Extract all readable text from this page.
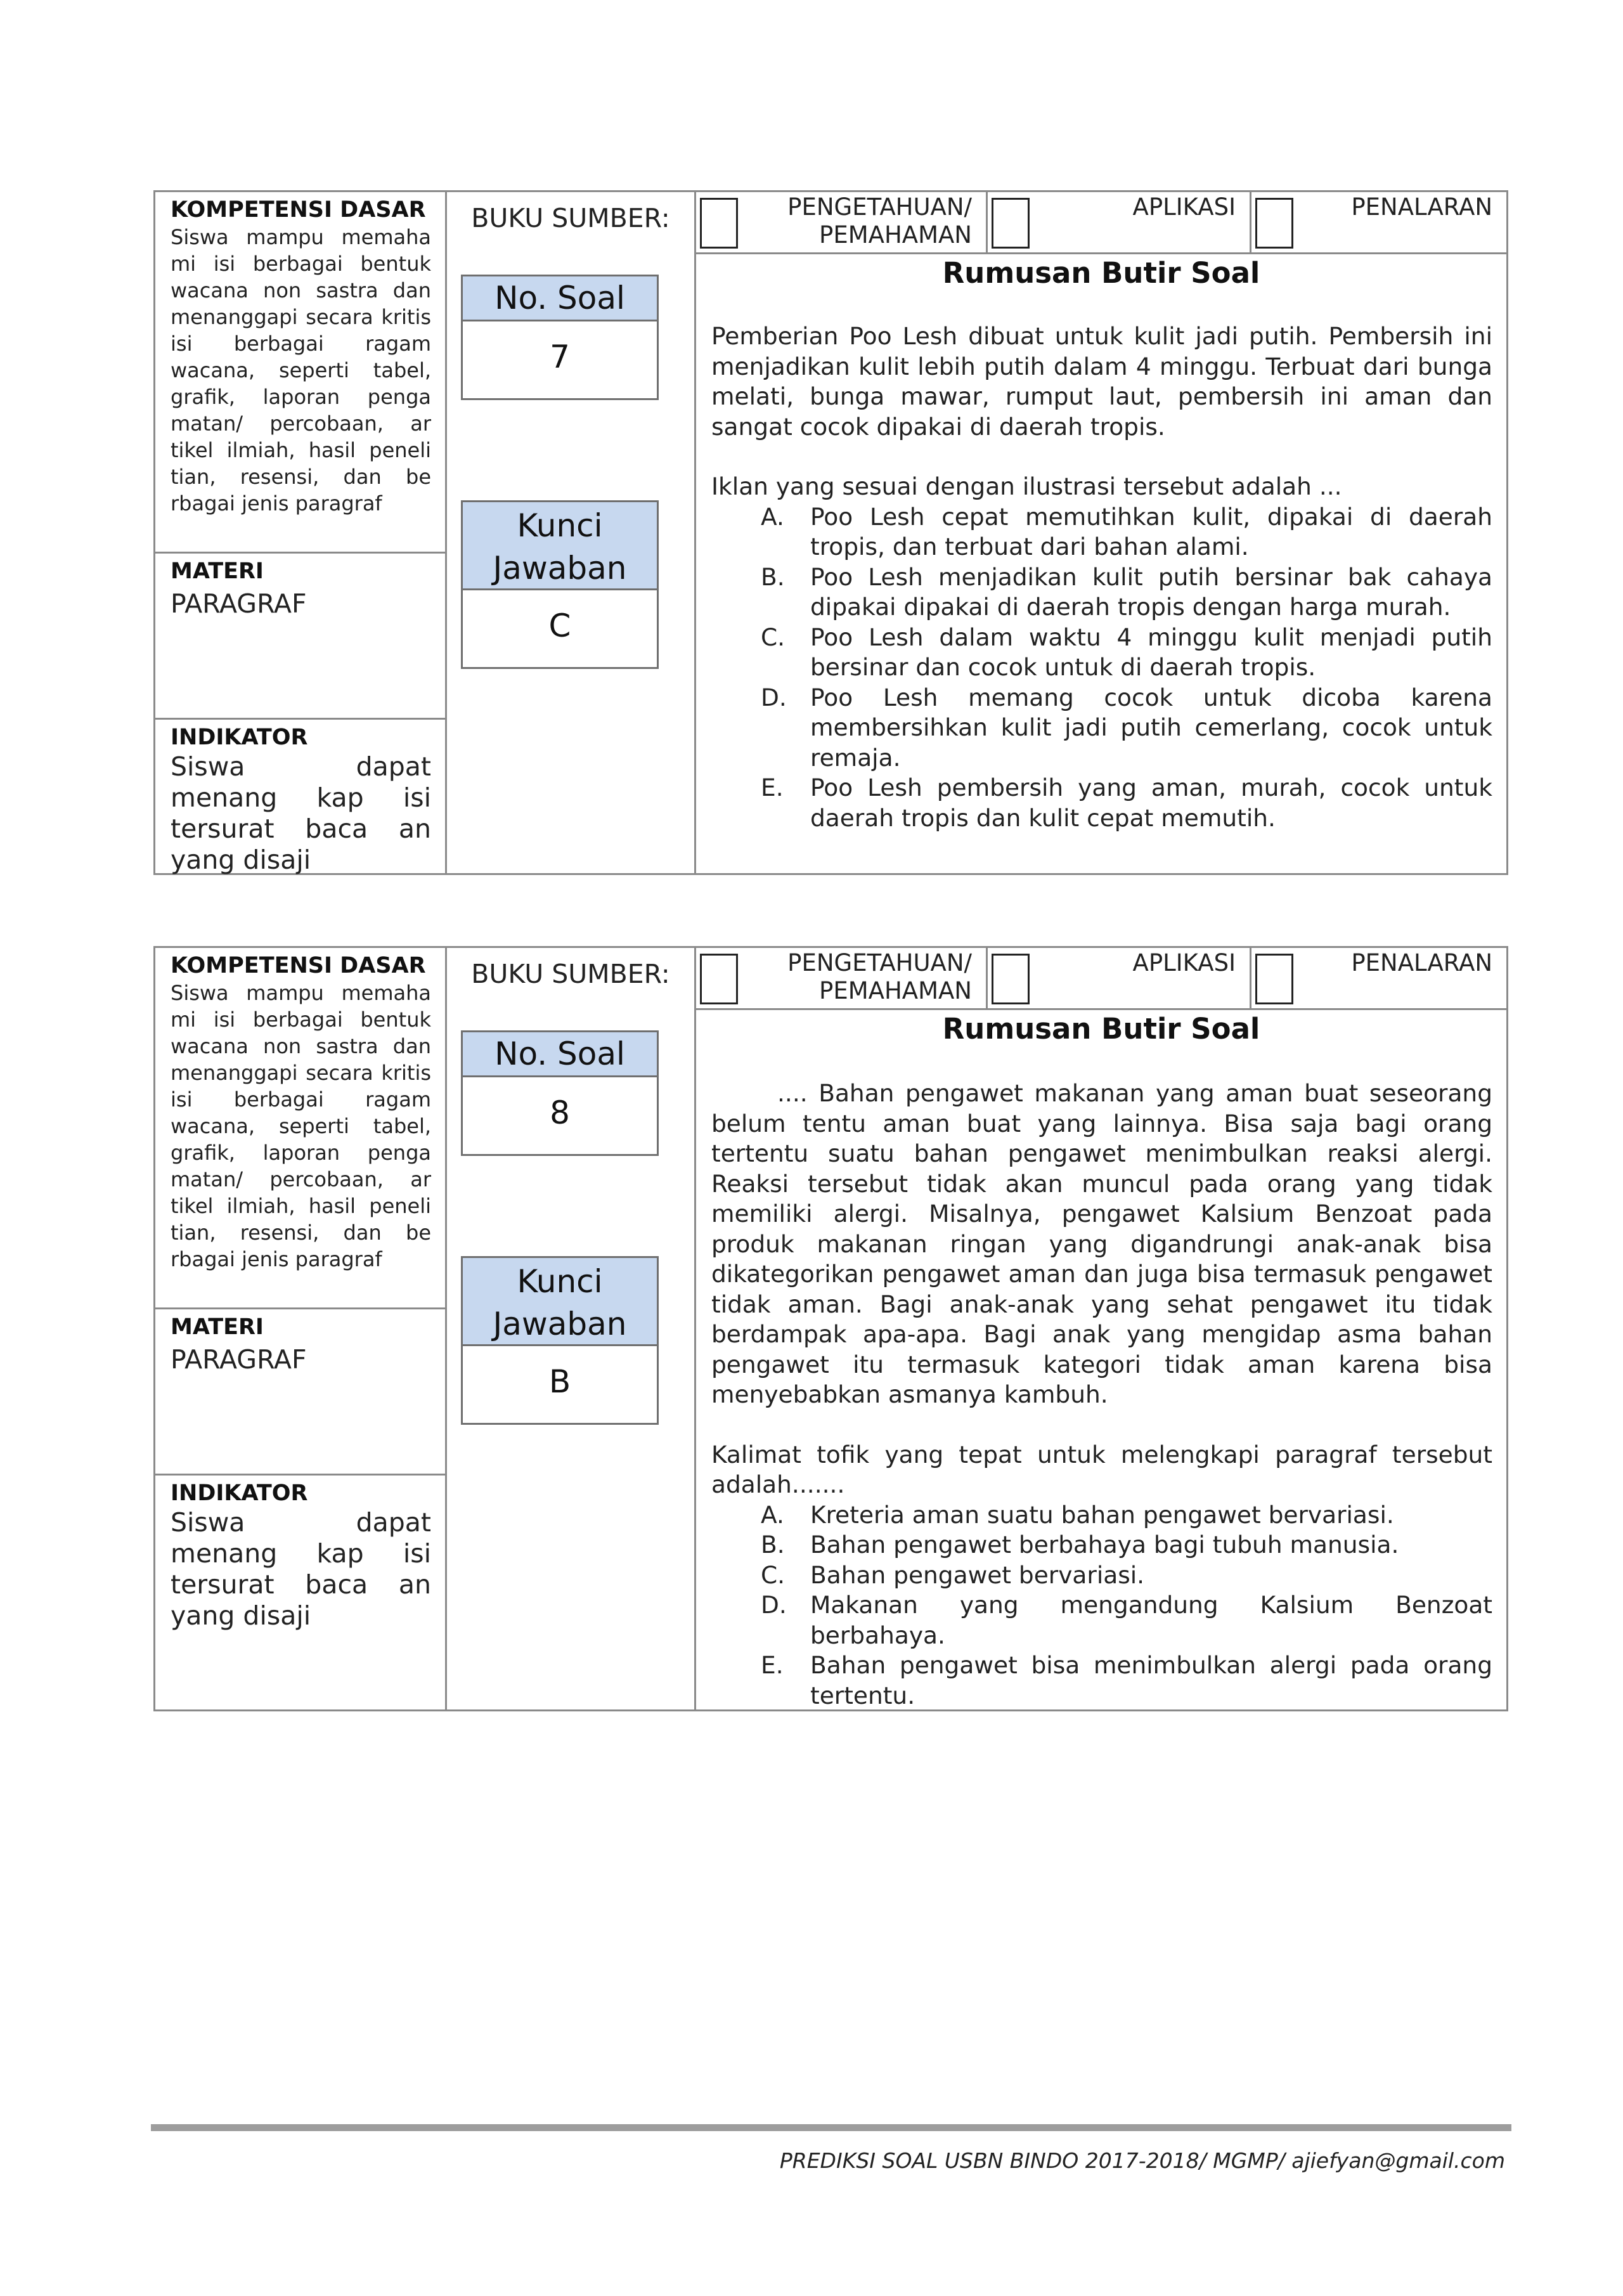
KOMPETENSI DASAR

Siswa mampu memaha mi isi berbagai bentuk wacana non sastra dan menanggapi secara kritis isi berbagai ragam wacana, seperti tabel, grafik, laporan penga matan/ percobaan, ar tikel ilmiah, hasil peneli tian, resensi, dan be rbagai jenis paragraf

MATERI
PARAGRAF
INDIKATOR

Siswa dapat menang kap isi tersurat baca an yang disaji

BUKU SUMBER:
No. Soal
7
Kunci
Jawaban
C
PENGETAHUAN/
PEMAHAMAN
APLIKASI	PENALARAN
Rumusan Butir Soal

Pemberian Poo Lesh dibuat untuk kulit jadi putih. Pembersih ini menjadikan kulit lebih putih dalam 4 minggu. Terbuat dari bunga melati, bunga mawar, rumput laut, pembersih ini aman dan sangat cocok dipakai di daerah tropis.

Iklan yang sesuai dengan ilustrasi tersebut adalah ...

A. Poo Lesh cepat memutihkan kulit, dipakai di daerah tropis, dan terbuat dari bahan alami.
B. Poo Lesh menjadikan kulit putih bersinar bak cahaya dipakai dipakai di daerah tropis dengan harga murah.
C. Poo Lesh dalam waktu 4 minggu kulit menjadi putih bersinar dan cocok untuk di daerah tropis.
D. Poo Lesh memang cocok untuk dicoba karena membersihkan kulit jadi putih cemerlang, cocok untuk remaja.
E. Poo Lesh pembersih yang aman, murah, cocok untuk daerah tropis dan kulit cepat memutih.
KOMPETENSI DASAR

Siswa mampu memaha mi isi berbagai bentuk wacana non sastra dan menanggapi secara kritis isi berbagai ragam wacana, seperti tabel, grafik, laporan penga matan/ percobaan, ar tikel ilmiah, hasil peneli tian, resensi, dan be rbagai jenis paragraf

MATERI
PARAGRAF
INDIKATOR

Siswa dapat menang kap isi tersurat baca an yang disaji

BUKU SUMBER:
No. Soal
8
Kunci
Jawaban
B
PENGETAHUAN/
PEMAHAMAN
APLIKASI	PENALARAN
Rumusan Butir Soal

.... Bahan pengawet makanan yang aman buat seseorang belum tentu aman buat yang lainnya. Bisa saja bagi orang tertentu suatu bahan pengawet menimbulkan reaksi alergi. Reaksi tersebut tidak akan muncul pada orang yang tidak memiliki alergi. Misalnya, pengawet Kalsium Benzoat pada produk makanan ringan yang digandrungi anak-anak bisa dikategorikan pengawet aman dan juga bisa termasuk pengawet tidak aman. Bagi anak-anak yang sehat pengawet itu tidak berdampak apa-apa. Bagi anak yang mengidap asma bahan pengawet itu termasuk kategori tidak aman karena bisa menyebabkan asmanya kambuh.

Kalimat tofik yang tepat untuk melengkapi paragraf tersebut adalah.......

A. Kreteria aman suatu bahan pengawet bervariasi.
B. Bahan pengawet berbahaya bagi tubuh manusia.
C. Bahan pengawet bervariasi.
D. Makanan yang mengandung Kalsium Benzoat berbahaya.
E. Bahan pengawet bisa menimbulkan alergi pada orang tertentu.
PREDIKSI SOAL USBN BINDO 2017-2018/ MGMP/ ajiefyan@gmail.com
